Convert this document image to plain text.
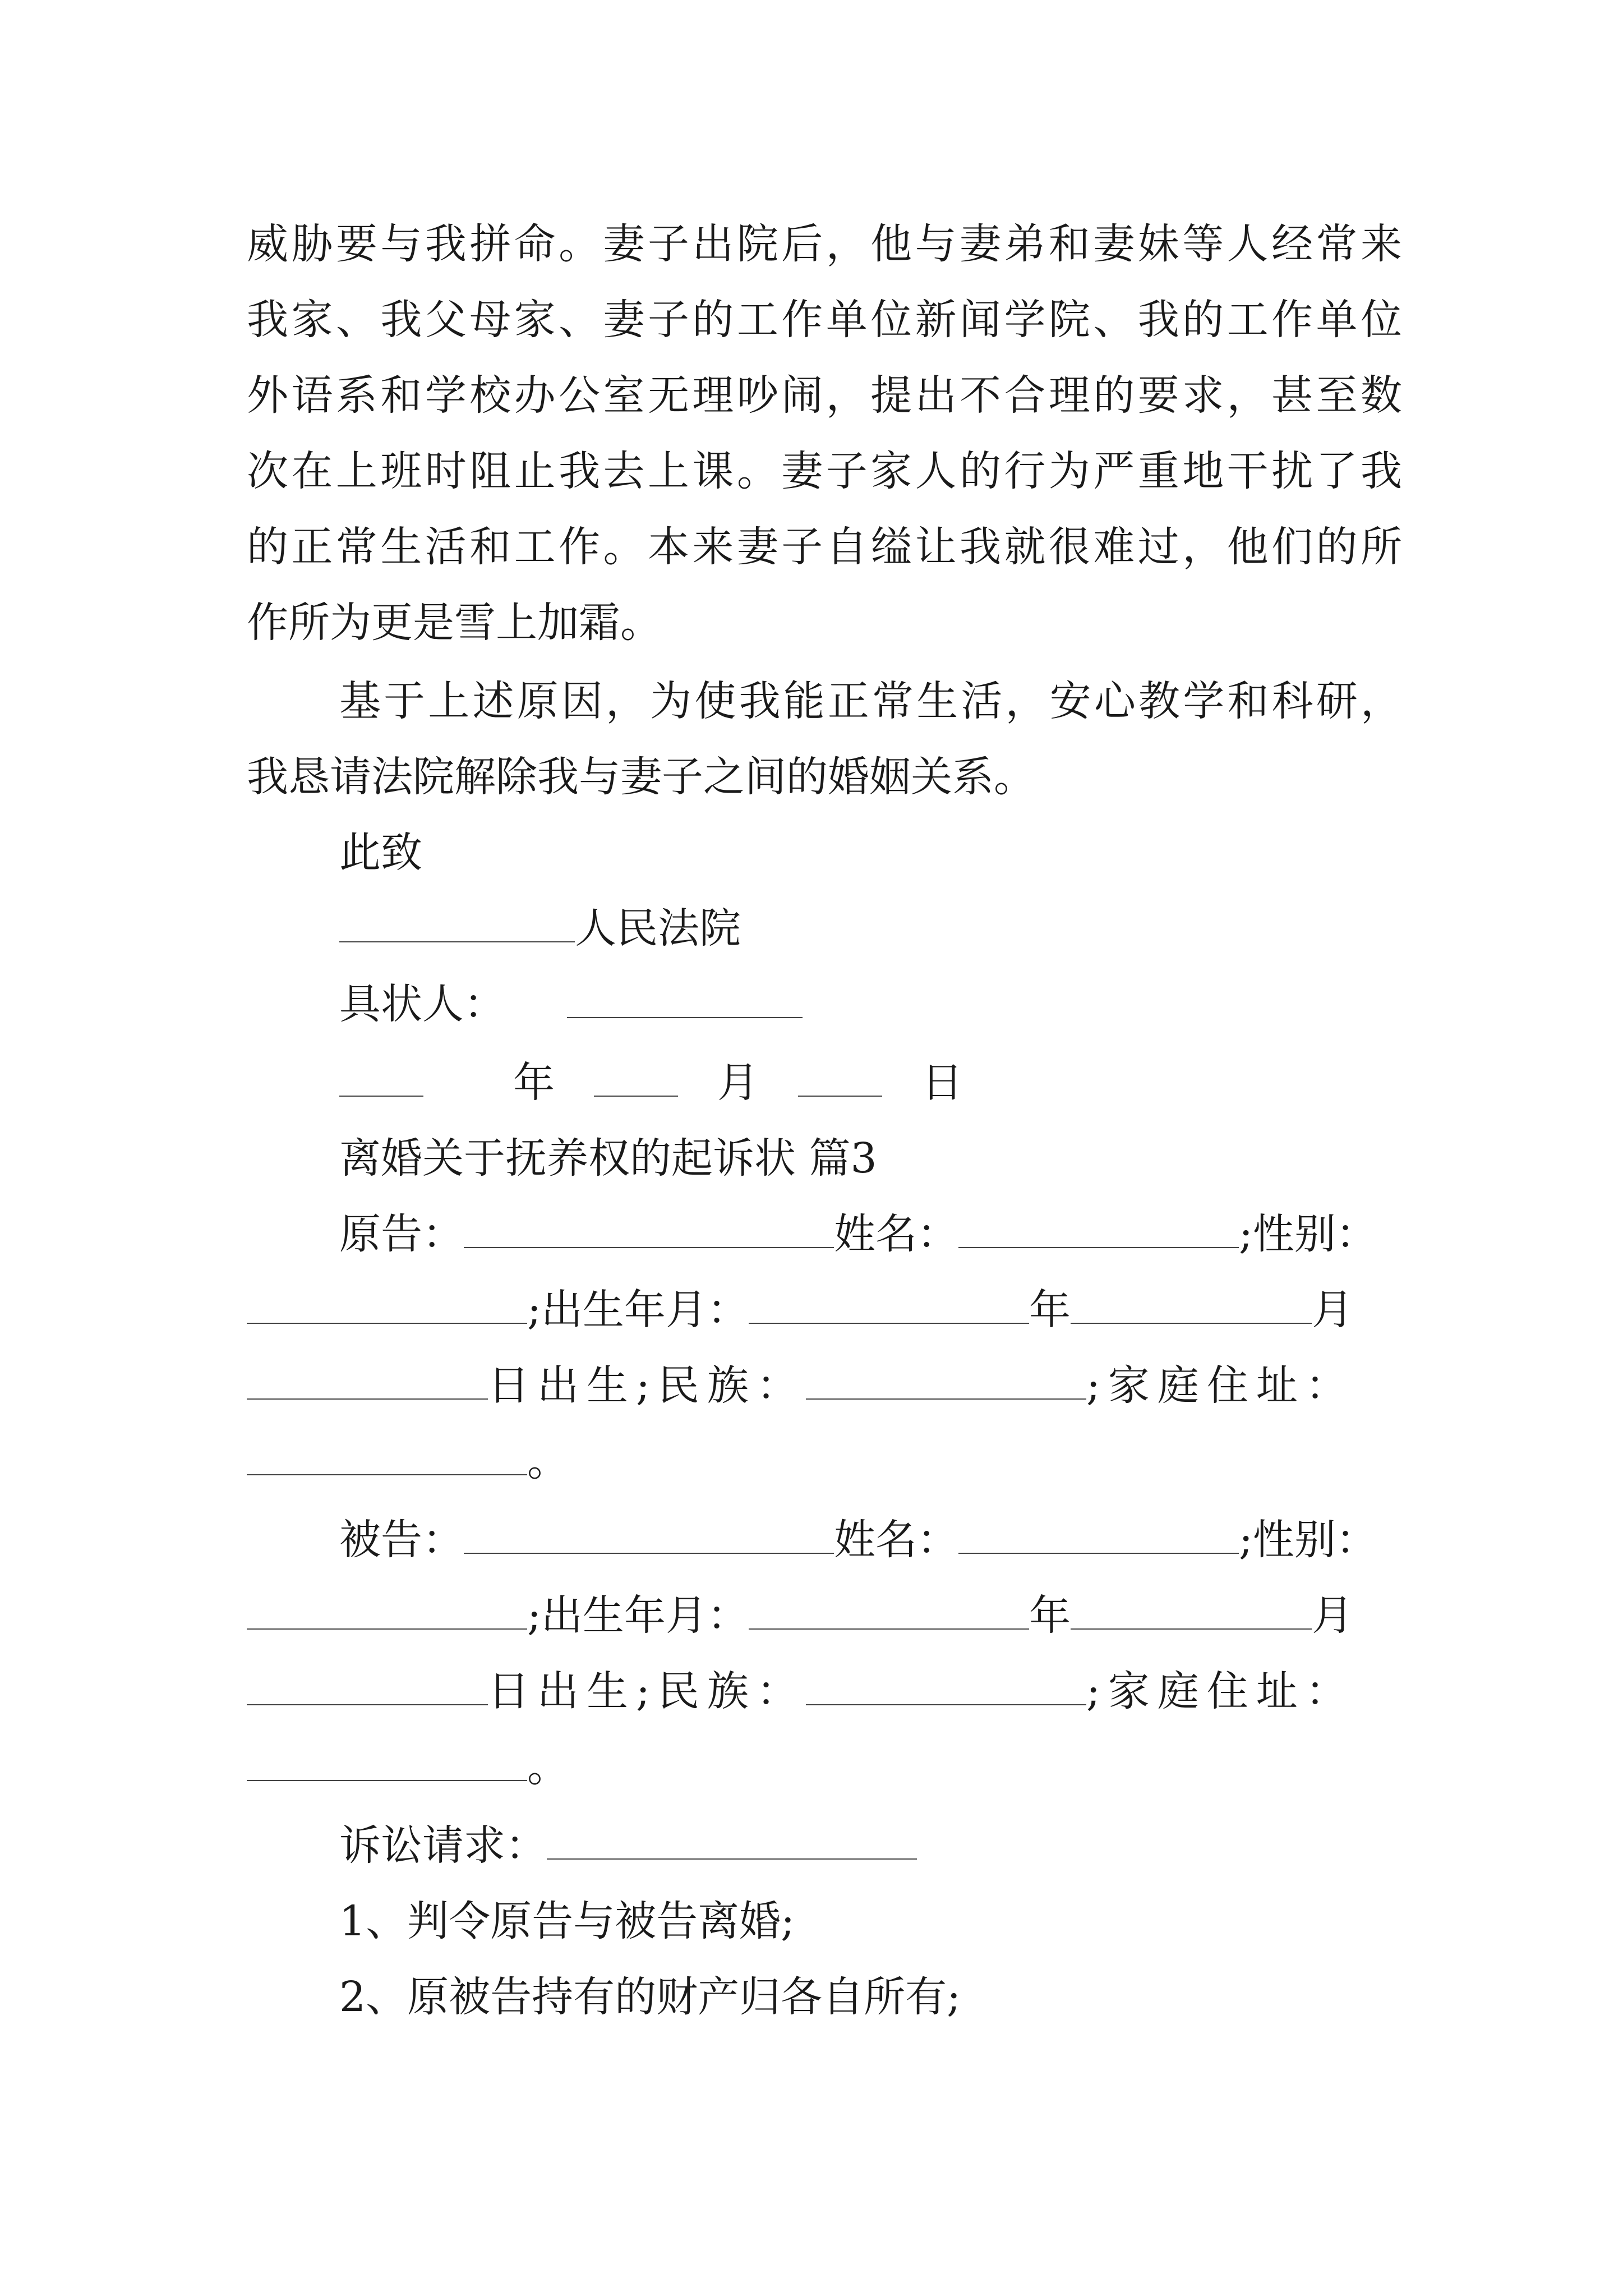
威胁要与我拼命。妻子出院后，他与妻弟和妻妹等人经常来
我家、我父母家、妻子的工作单位新闻学院、我的工作单位
外语系和学校办公室无理吵闹，提出不合理的要求，甚至数
次在上班时阻止我去上课。妻子家人的行为严重地干扰了我
的正常生活和工作。本来妻子自缢让我就很难过，他们的所
作所为更是雪上加霜。
基于上述原因，为使我能正常生活，安心教学和科研，
我恳请法院解除我与妻子之间的婚姻关系。
此致
人民法院
具状人：
年	月	日
离婚关于抚养权的起诉状 篇3
原告：	姓名：	;性别：
;出生年月：	年	月
日出生;民族：	;家庭住址：
。
被告：	姓名：	;性别：
;出生年月：	年	月
日出生;民族：	;家庭住址：
。
诉讼请求：
1、判令原告与被告离婚;
2、原被告持有的财产归各自所有;
